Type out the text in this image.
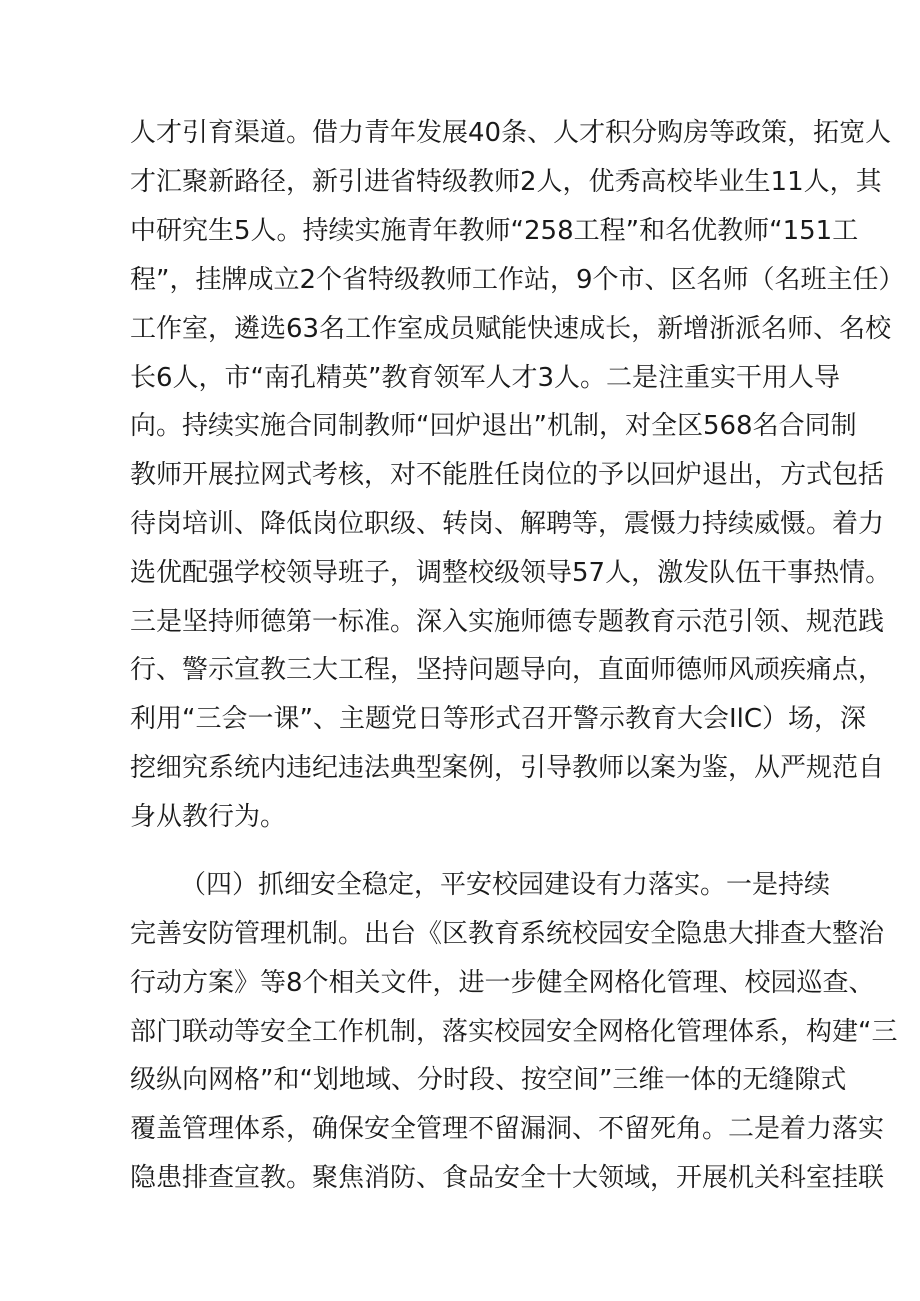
人才引育渠道。借力青年发展40条、人才积分购房等政策，拓宽人
才汇聚新路径，新引进省特级教师2人，优秀高校毕业生11人，其
中研究生5人。持续实施青年教师“258工程”和名优教师“151工
程”，挂牌成立2个省特级教师工作站，9个市、区名师（名班主任）
工作室，遴选63名工作室成员赋能快速成长，新增浙派名师、名校
长6人，市“南孔精英”教育领军人才3人。二是注重实干用人导
向。持续实施合同制教师“回炉退出”机制，对全区568名合同制
教师开展拉网式考核，对不能胜任岗位的予以回炉退出，方式包括
待岗培训、降低岗位职级、转岗、解聘等，震慑力持续威慑。着力
选优配强学校领导班子，调整校级领导57人，激发队伍干事热情。
三是坚持师德第一标准。深入实施师德专题教育示范引领、规范践
行、警示宣教三大工程，坚持问题导向，直面师德师风顽疾痛点，
利用“三会一课”、主题党日等形式召开警示教育大会IlC）场，深
挖细究系统内违纪违法典型案例，引导教师以案为鉴，从严规范自
身从教行为。
（四）抓细安全稳定，平安校园建设有力落实。一是持续
完善安防管理机制。出台《区教育系统校园安全隐患大排查大整治
行动方案》等8个相关文件，进一步健全网格化管理、校园巡查、
部门联动等安全工作机制，落实校园安全网格化管理体系，构建“三
级纵向网格”和“划地域、分时段、按空间”三维一体的无缝隙式
覆盖管理体系，确保安全管理不留漏洞、不留死角。二是着力落实
隐患排查宣教。聚焦消防、食品安全十大领域，开展机关科室挂联
